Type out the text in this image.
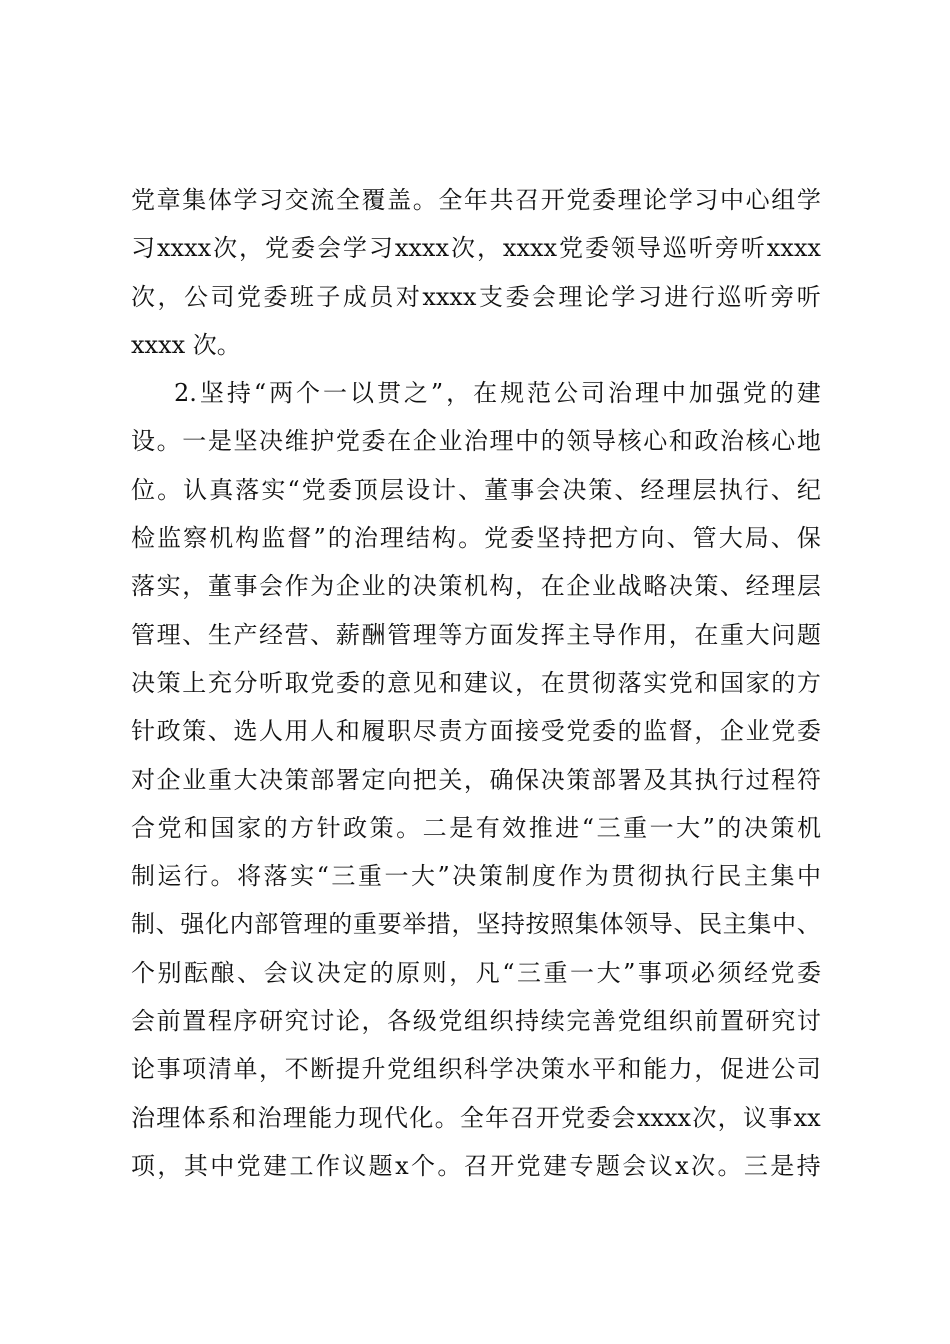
党 章 集 体 学 习 交 流 全 覆 盖 。 全 年 共 召 开 党 委 理 论 学 习 中 心 组 学
习 xxxx 次 ， 党 委 会 学 习 xxxx 次 ， xxxx 党 委 领 导 巡 听 旁 听 xxxx
次 ， 公 司 党 委 班 子 成 员 对 xxxx 支 委 会 理 论 学 习 进 行 巡 听 旁 听
xxxx 次。
2. 坚 持 “ 两 个 一 以 贯 之 ” ， 在 规 范 公 司 治 理 中 加 强 党 的 建
设 。 一 是 坚 决 维 护 党 委 在 企 业 治 理 中 的 领 导 核 心 和 政 治 核 心 地
位 。 认 真 落 实 “ 党 委 顶 层 设 计 、 董 事 会 决 策 、 经 理 层 执 行 、 纪
检 监 察 机 构 监 督 ” 的 治 理 结 构 。 党 委 坚 持 把 方 向 、 管 大 局 、 保
落 实 ， 董 事 会 作 为 企 业 的 决 策 机 构 ， 在 企 业 战 略 决 策 、 经 理 层
管 理 、 生 产 经 营 、 薪 酬 管 理 等 方 面 发 挥 主 导 作 用 ， 在 重 大 问 题
决 策 上 充 分 听 取 党 委 的 意 见 和 建 议 ， 在 贯 彻 落 实 党 和 国 家 的 方
针 政 策 、 选 人 用 人 和 履 职 尽 责 方 面 接 受 党 委 的 监 督 ， 企 业 党 委
对 企 业 重 大 决 策 部 署 定 向 把 关 ， 确 保 决 策 部 署 及 其 执 行 过 程 符
合 党 和 国 家 的 方 针 政 策 。 二 是 有 效 推 进 “ 三 重 一 大 ” 的 决 策 机
制 运 行 。 将 落 实 “ 三 重 一 大 ” 决 策 制 度 作 为 贯 彻 执 行 民 主 集 中
制 、 强 化 内 部 管 理 的 重 要 举 措 ， 坚 持 按 照 集 体 领 导 、 民 主 集 中 、
个 别 酝 酿 、 会 议 决 定 的 原 则 ， 凡 “ 三 重 一 大 ” 事 项 必 须 经 党 委
会 前 置 程 序 研 究 讨 论 ， 各 级 党 组 织 持 续 完 善 党 组 织 前 置 研 究 讨
论 事 项 清 单 ， 不 断 提 升 党 组 织 科 学 决 策 水 平 和 能 力 ， 促 进 公 司
治 理 体 系 和 治 理 能 力 现 代 化 。 全 年 召 开 党 委 会 xxxx 次 ， 议 事 xx
项 ， 其 中 党 建 工 作 议 题 x 个 。 召 开 党 建 专 题 会 议 x 次 。 三 是 持
